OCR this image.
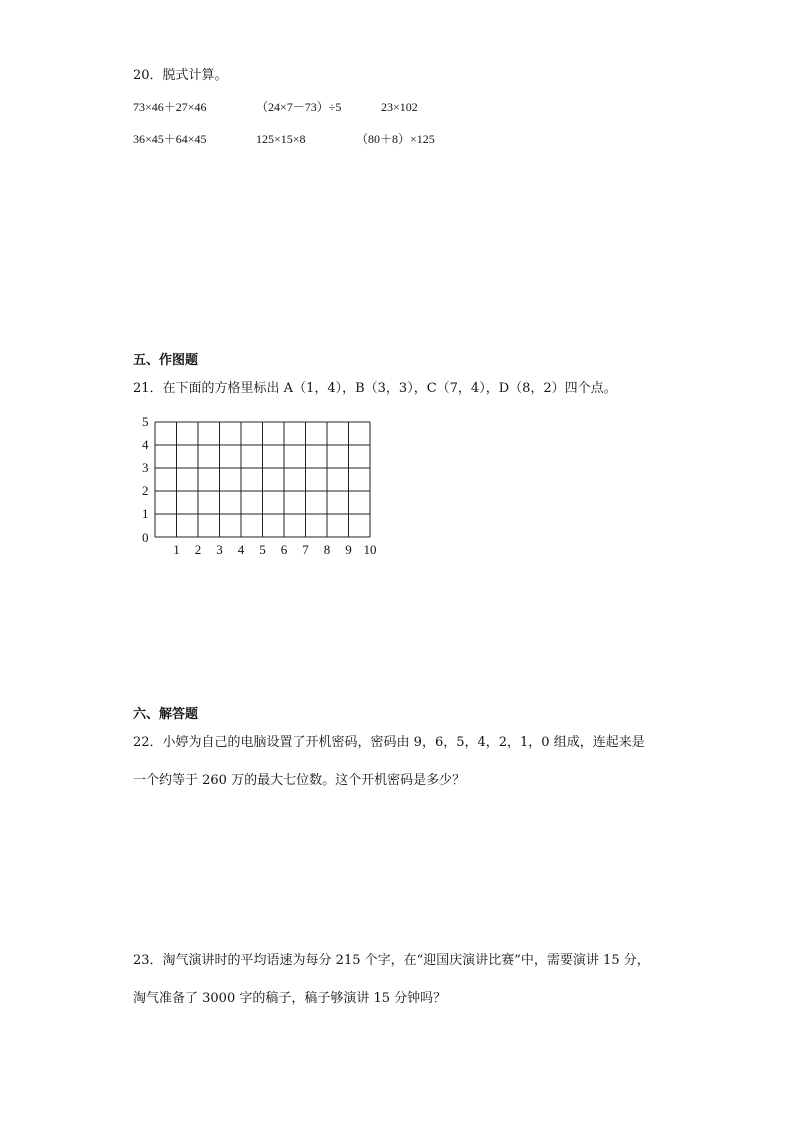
20．脱式计算。
73×46＋27×46	（24×7－73）÷5	23×102
36×45＋64×45	125×15×8	（80＋8）×125
五、作图题
21．在下面的方格里标出 A（1，4），B（3，3），C（7，4），D（8，2）四个点。
0
1
2
3
4
5
1 2 3 4 5 6 7 8 9 10
六、解答题
22．小婷为自己的电脑设置了开机密码，密码由 9，6，5，4，2，1，0 组成，连起来是
一个约等于 260 万的最大七位数。这个开机密码是多少？
23．淘气演讲时的平均语速为每分 215 个字，在“迎国庆演讲比赛”中，需要演讲 15 分，
淘气准备了 3000 字的稿子，稿子够演讲 15 分钟吗？
